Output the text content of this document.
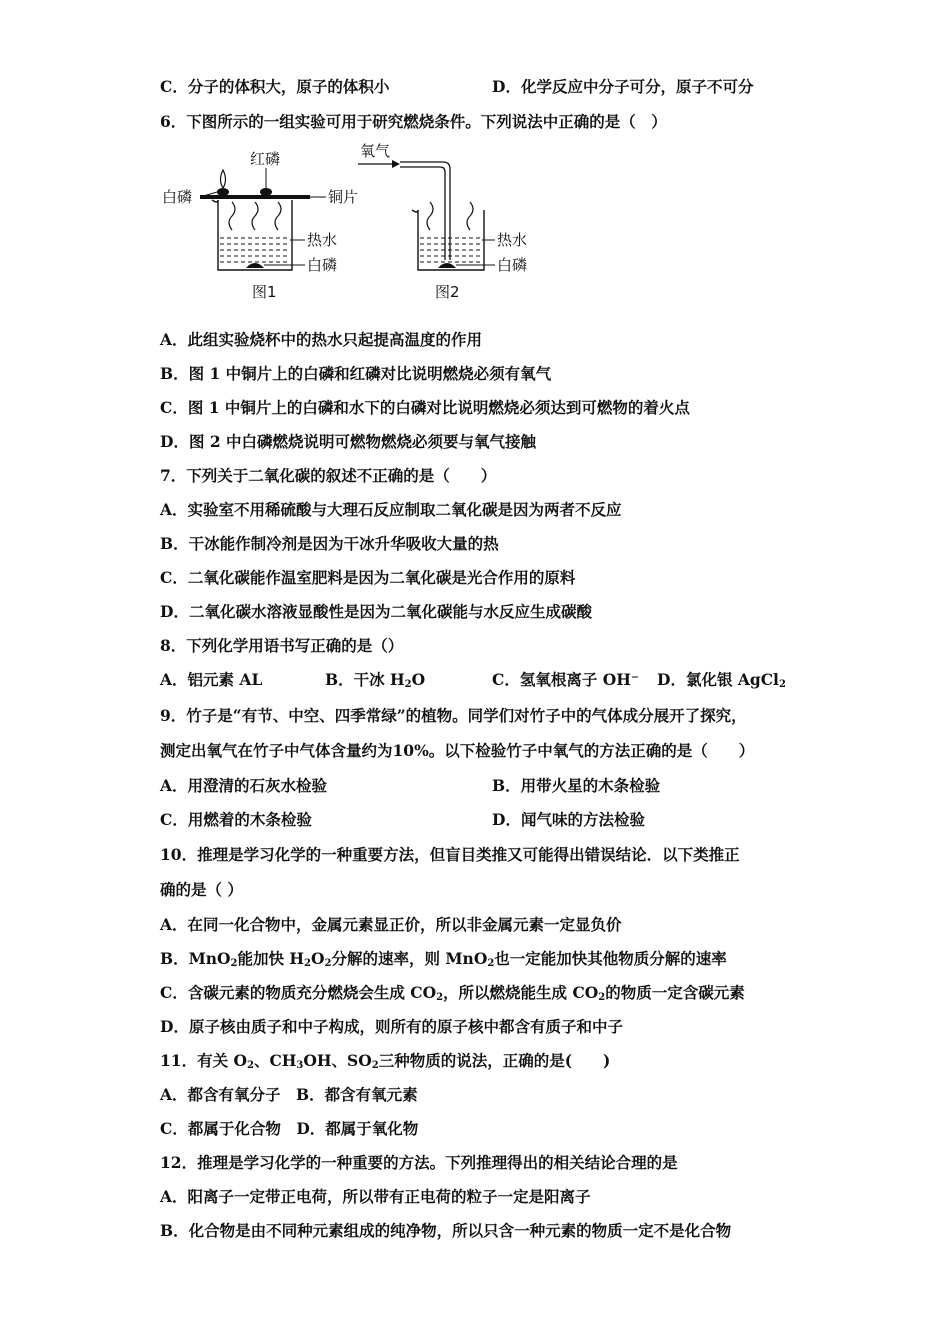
C．分子的体积大，原子的体积小	D．化学反应中分子可分，原子不可分
6．下图所示的一组实验可用于研究燃烧条件。下列说法中正确的是（　）
红磷
白磷	铜片
热水
白磷
图1
氧气
热水
白磷
图2
A．此组实验烧杯中的热水只起提高温度的作用
B．图 1 中铜片上的白磷和红磷对比说明燃烧必须有氧气
C．图 1 中铜片上的白磷和水下的白磷对比说明燃烧必须达到可燃物的着火点
D．图 2 中白磷燃烧说明可燃物燃烧必须要与氧气接触
7．下列关于二氧化碳的叙述不正确的是（　　）
A．实验室不用稀硫酸与大理石反应制取二氧化碳是因为两者不反应
B．干冰能作制冷剂是因为干冰升华吸收大量的热
C．二氧化碳能作温室肥料是因为二氧化碳是光合作用的原料
D．二氧化碳水溶液显酸性是因为二氧化碳能与水反应生成碳酸
8．下列化学用语书写正确的是（）
A．铝元素 AL	B．干冰 $H_2O$	C．氢氧根离子 OH⁻ D．氯化银 AgCl$_2$
9．竹子是“有节、中空、四季常绿”的植物。同学们对竹子中的气体成分展开了探究，
测定出氧气在竹子中气体含量约为10%。以下检验竹子中氧气的方法正确的是（　　）
A．用澄清的石灰水检验	B．用带火星的木条检验
C．用燃着的木条检验	D．闻气味的方法检验
10．推理是学习化学的一种重要方法，但盲目类推又可能得出错误结论．以下类推正
确的是（ ）
A．在同一化合物中，金属元素显正价，所以非金属元素一定显负价
B．MnO$_2$能加快 $H_2O_2$分解的速率，则 MnO$_2$也一定能加快其他物质分解的速率
C．含碳元素的物质充分燃烧会生成 $CO_2$，所以燃烧能生成 $CO_2$的物质一定含碳元素
D．原子核由质子和中子构成，则所有的原子核中都含有质子和中子
11．有关 $O_2$、$CH_3OH$、$SO_2$三种物质的说法，正确的是(　　)
A．都含有氧分子　B．都含有氧元素
C．都属于化合物　D．都属于氧化物
12．推理是学习化学的一种重要的方法。下列推理得出的相关结论合理的是
A．阳离子一定带正电荷，所以带有正电荷的粒子一定是阳离子
B．化合物是由不同种元素组成的纯净物，所以只含一种元素的物质一定不是化合物
